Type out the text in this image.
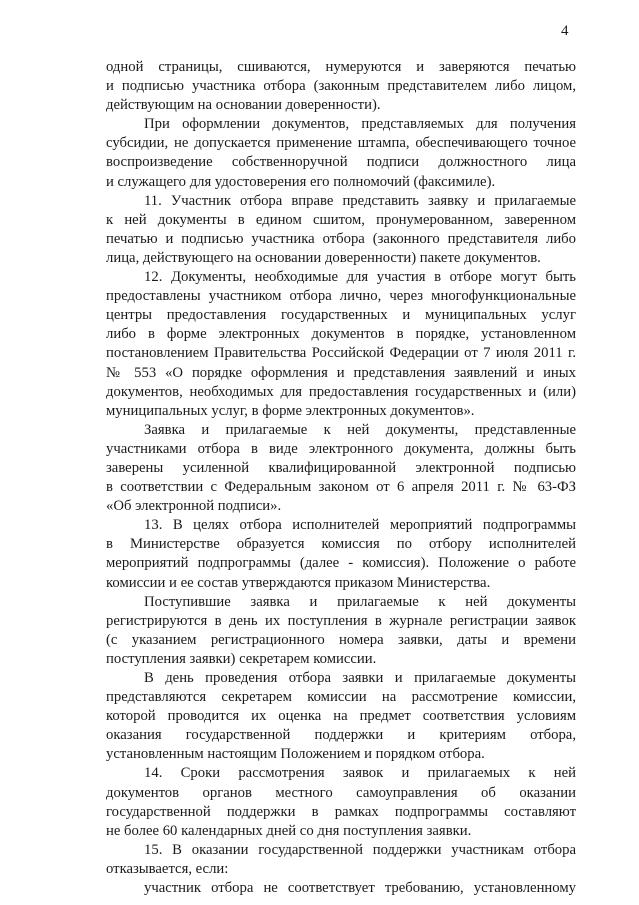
4
одной страницы, сшиваются, нумеруются и заверяются печатью
и подписью участника отбора (законным представителем либо лицом,
действующим на основании доверенности).
При оформлении документов, представляемых для получения
субсидии, не допускается применение штампа, обеспечивающего точное
воспроизведение собственноручной подписи должностного лица
и служащего для удостоверения его полномочий (факсимиле).
11. Участник отбора вправе представить заявку и прилагаемые
к ней документы в едином сшитом, пронумерованном, заверенном
печатью и подписью участника отбора (законного представителя либо
лица, действующего на основании доверенности) пакете документов.
12. Документы, необходимые для участия в отборе могут быть
предоставлены участником отбора лично, через многофункциональные
центры предоставления государственных и муниципальных услуг
либо в форме электронных документов в порядке, установленном
постановлением Правительства Российской Федерации от 7 июля 2011 г.
№ 553 «О порядке оформления и представления заявлений и иных
документов, необходимых для предоставления государственных и (или)
муниципальных услуг, в форме электронных документов».
Заявка и прилагаемые к ней документы, представленные
участниками отбора в виде электронного документа, должны быть
заверены усиленной квалифицированной электронной подписью
в соответствии с Федеральным законом от 6 апреля 2011 г. № 63-ФЗ
«Об электронной подписи».
13. В целях отбора исполнителей мероприятий подпрограммы
в Министерстве образуется комиссия по отбору исполнителей
мероприятий подпрограммы (далее - комиссия). Положение о работе
комиссии и ее состав утверждаются приказом Министерства.
Поступившие заявка и прилагаемые к ней документы
регистрируются в день их поступления в журнале регистрации заявок
(с указанием регистрационного номера заявки, даты и времени
поступления заявки) секретарем комиссии.
В день проведения отбора заявки и прилагаемые документы
представляются секретарем комиссии на рассмотрение комиссии,
которой проводится их оценка на предмет соответствия условиям
оказания государственной поддержки и критериям отбора,
установленным настоящим Положением и порядком отбора.
14. Сроки рассмотрения заявок и прилагаемых к ней
документов органов местного самоуправления об оказании
государственной поддержки в рамках подпрограммы составляют
не более 60 календарных дней со дня поступления заявки.
15. В оказании государственной поддержки участникам отбора
отказывается, если:
участник отбора не соответствует требованию, установленному
